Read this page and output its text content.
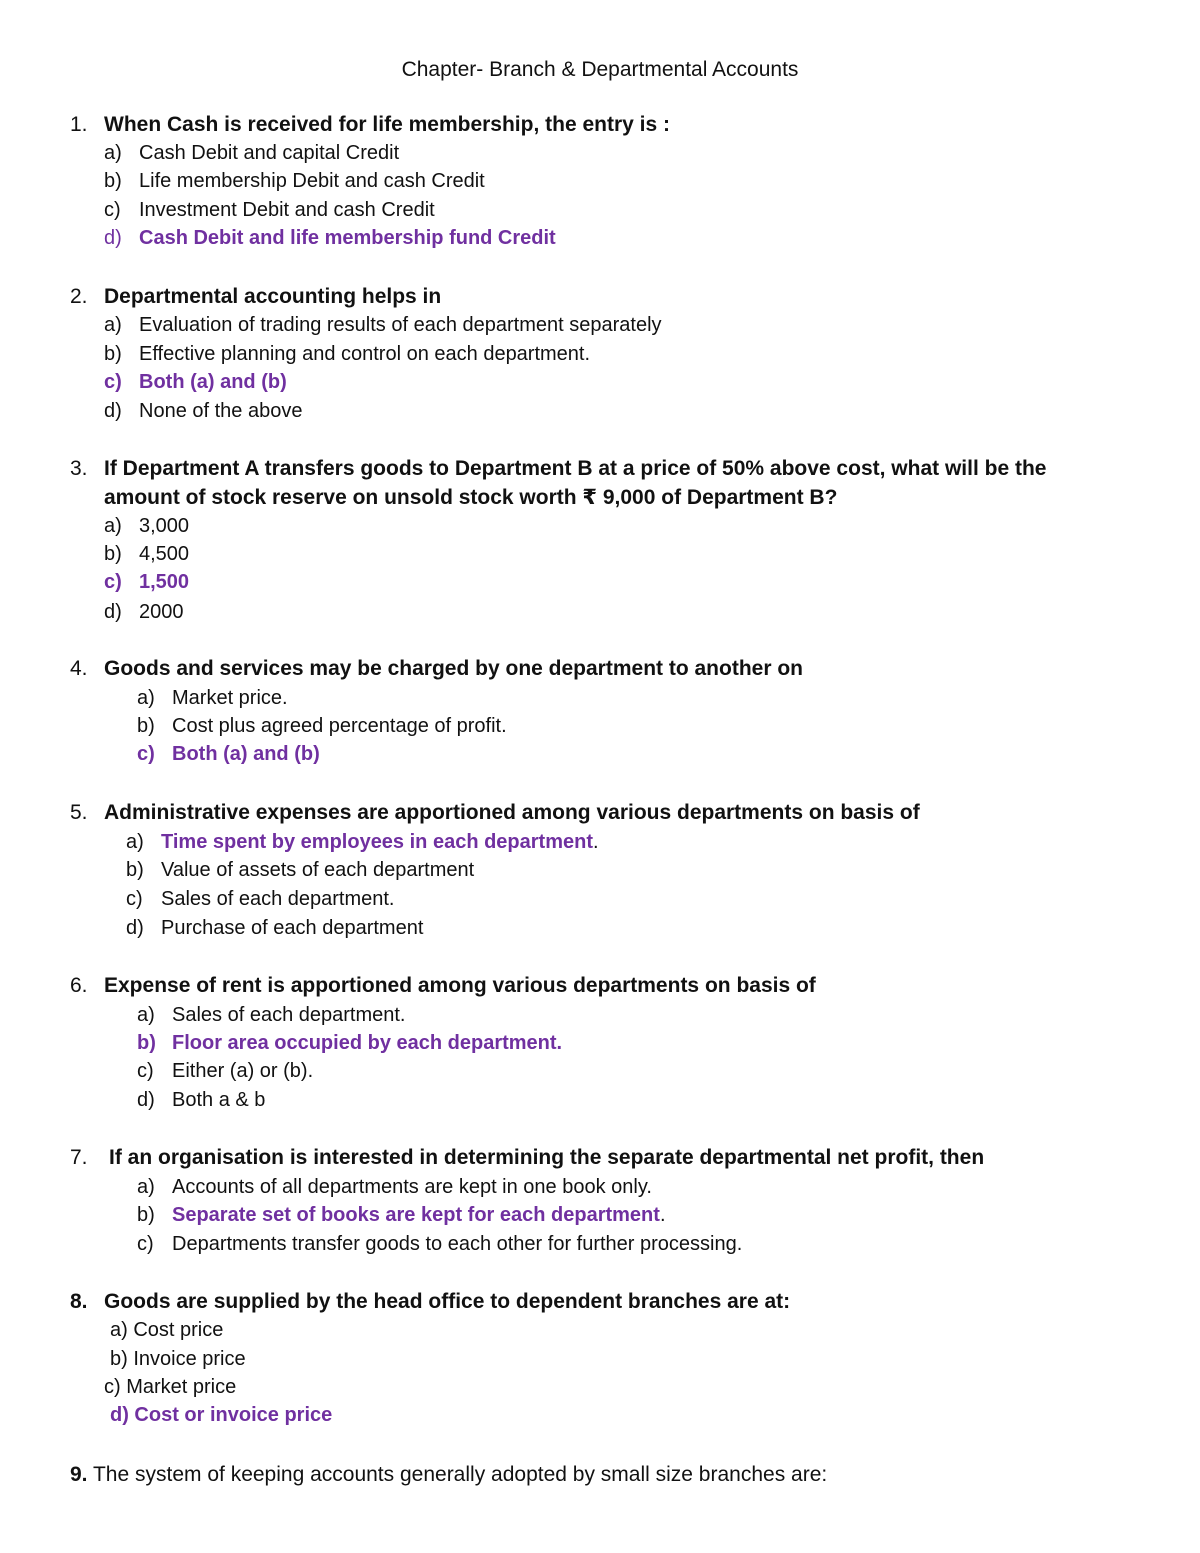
Chapter- Branch & Departmental Accounts
1. When Cash is received for life membership, the entry is :
a) Cash Debit and capital Credit
b) Life membership Debit and cash Credit
c) Investment Debit and cash Credit
d) Cash Debit and life membership fund Credit
2. Departmental accounting helps in
a) Evaluation of trading results of each department separately
b) Effective planning and control on each department.
c) Both (a) and (b)
d) None of the above
3. If Department A transfers goods to Department B at a price of 50% above cost, what will be the
amount of stock reserve on unsold stock worth ₹ 9,000 of Department B?
a) 3,000
b) 4,500
c) 1,500
d) 2000
4. Goods and services may be charged by one department to another on
a) Market price.
b) Cost plus agreed percentage of profit.
c) Both (a) and (b)
5. Administrative expenses are apportioned among various departments on basis of
a) Time spent by employees in each department.
b) Value of assets of each department
c) Sales of each department.
d) Purchase of each department
6. Expense of rent is apportioned among various departments on basis of
a) Sales of each department.
b) Floor area occupied by each department.
c) Either (a) or (b).
d) Both a & b
7. If an organisation is interested in determining the separate departmental net profit, then
a) Accounts of all departments are kept in one book only.
b) Separate set of books are kept for each department.
c) Departments transfer goods to each other for further processing.
8. Goods are supplied by the head office to dependent branches are at:
a) Cost price
b) Invoice price
c) Market price
d) Cost or invoice price
9. The system of keeping accounts generally adopted by small size branches are:
